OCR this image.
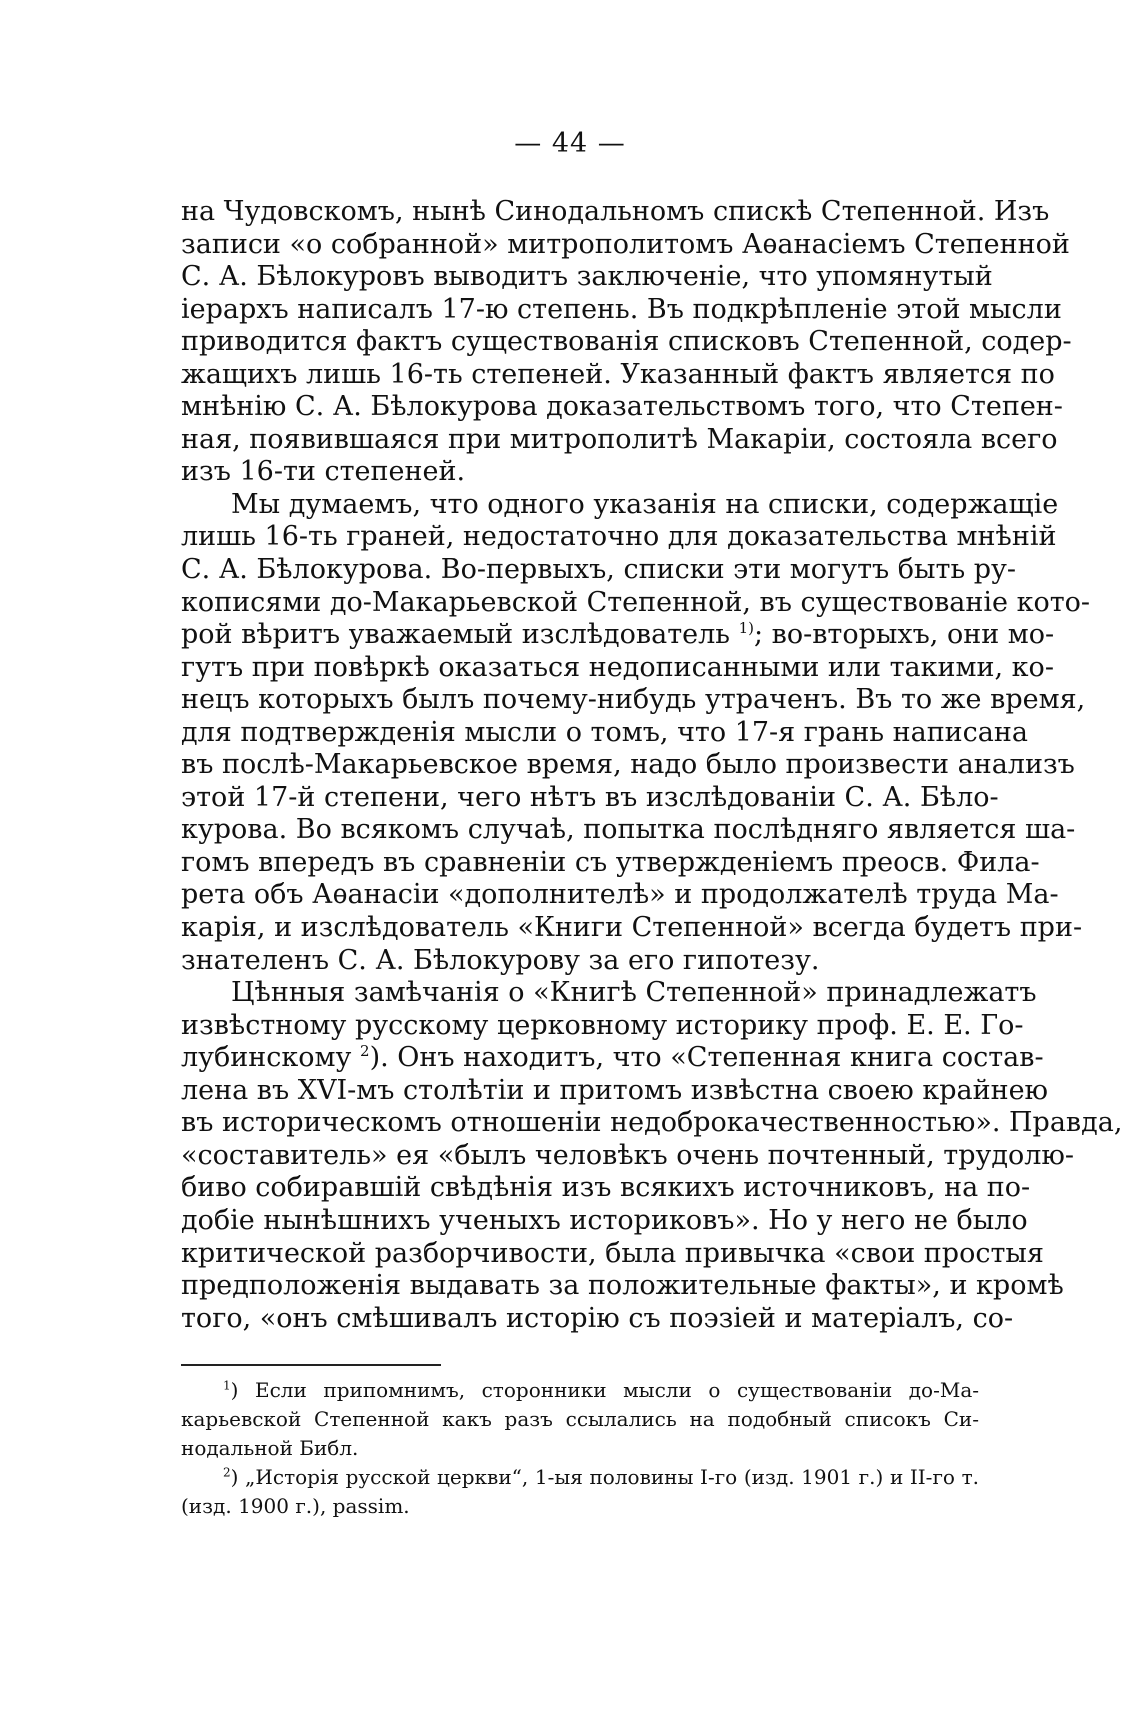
— 44 —
на Чудовскомъ, нынѣ Синодальномъ спискѣ Степенной. Изъ
записи «о собранной» митрополитомъ Аѳанасіемъ Степенной
С. А. Бѣлокуровъ выводитъ заключеніе, что упомянутый
іерархъ написалъ 17-ю степень. Въ подкрѣпленіе этой мысли
приводится фактъ существованія списковъ Степенной, содер-
жащихъ лишь 16-ть степеней. Указанный фактъ является по
мнѣнію С. А. Бѣлокурова доказательствомъ того, что Степен-
ная, появившаяся при митрополитѣ Макаріи, состояла всего
изъ 16-ти степеней.
Мы думаемъ, что одного указанія на списки, содержащіе
лишь 16-ть граней, недостаточно для доказательства мнѣній
С. А. Бѣлокурова. Во-первыхъ, списки эти могутъ быть ру-
кописями до-Макарьевской Степенной, въ существованіе кото-
рой вѣритъ уважаемый изслѣдователь $^{1)}$; во-вторыхъ, они мо-
гутъ при повѣркѣ оказаться недописанными или такими, ко-
нецъ которыхъ былъ почему-нибудь утраченъ. Въ то же время,
для подтвержденія мысли о томъ, что 17-я грань написана
въ послѣ-Макарьевское время, надо было произвести анализъ
этой 17-й степени, чего нѣтъ въ изслѣдованіи С. А. Бѣло-
курова. Во всякомъ случаѣ, попытка послѣдняго является ша-
гомъ впередъ въ сравненіи съ утвержденіемъ преосв. Фила-
рета объ Аѳанасіи «дополнителѣ» и продолжателѣ труда Ма-
карія, и изслѣдователь «Книги Степенной» всегда будетъ при-
знателенъ С. А. Бѣлокурову за его гипотезу.
Цѣнныя замѣчанія о «Книгѣ Степенной» принадлежатъ
извѣстному русскому церковному историку проф. Е. Е. Го-
лубинскому $^2$). Онъ находитъ, что «Степенная книга состав-
лена въ XVI-мъ столѣтіи и притомъ извѣстна своею крайнею
въ историческомъ отношеніи недоброкачественностью». Правда,
«составитель» ея «былъ человѣкъ очень почтенный, трудолю-
биво собиравшій свѣдѣнія изъ всякихъ источниковъ, на по-
добіе нынѣшнихъ ученыхъ историковъ». Но у него не было
критической разборчивости, была привычка «свои простыя
предположенія выдавать за положительные факты», и кромѣ
того, «онъ смѣшивалъ исторію съ поэзіей и матеріалъ, со-
$^1$) Если припомнимъ, сторонники мысли о существованіи до-Ма-
карьевской Степенной какъ разъ ссылались на подобный списокъ Си-
нодальной Библ.
$^2$) „Исторія русской церкви“, 1-ыя половины I-го (изд. 1901 г.) и II-го т.
(изд. 1900 г.), passim.
